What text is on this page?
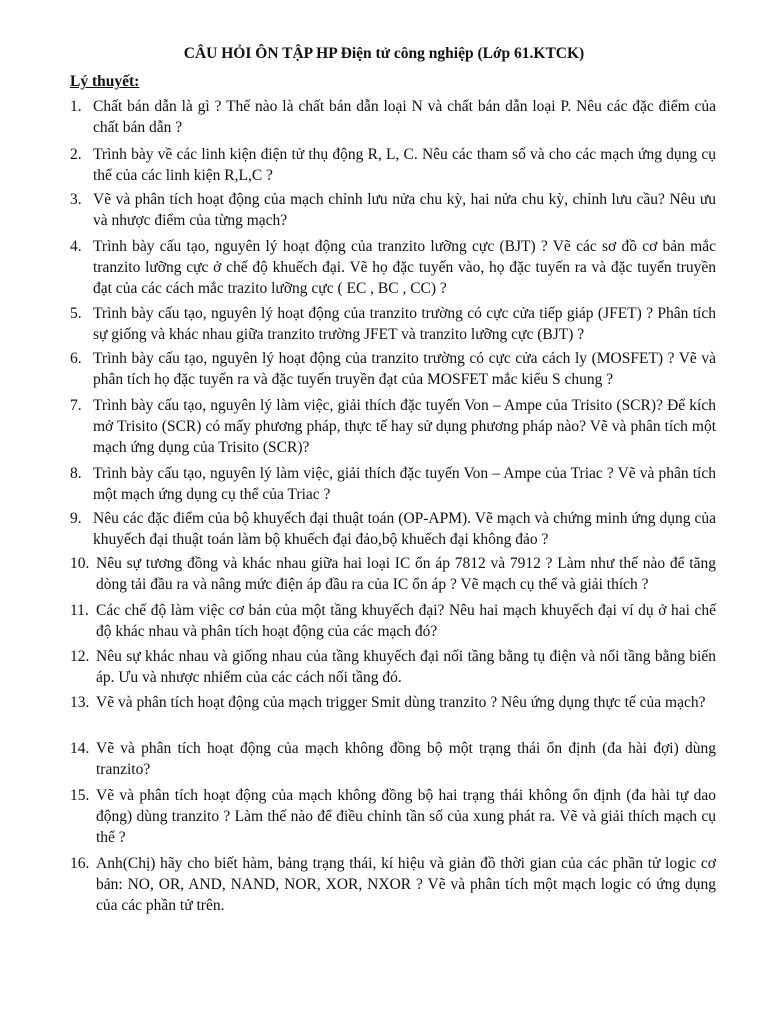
CÂU HỎI ÔN TẬP HP Điện tử công nghiệp (Lớp 61.KTCK)
Lý thuyết:
1. Chất bán dẫn là gì ? Thế nào là chất bán dẫn loại N và chất bán dẫn loại P. Nêu các đặc điểm của chất bán dẫn ?
2. Trình bày về các linh kiện điện tử thụ động R, L, C. Nêu các tham số và cho các mạch ứng dụng cụ thể của các linh kiện R,L,C ?
3. Vẽ và phân tích hoạt động của mạch chỉnh lưu nửa chu kỳ, hai nửa chu kỳ, chỉnh lưu cầu? Nêu ưu và nhược điểm của từng mạch?
4. Trình bày cấu tạo, nguyên lý hoạt động của tranzito lưỡng cực (BJT) ? Vẽ các sơ đồ cơ bản mắc tranzito lưỡng cực ở chế độ khuếch đại. Vẽ họ đặc tuyến vào, họ đặc tuyến ra và đặc tuyến truyền đạt của các cách mắc trazito lưỡng cực ( EC , BC , CC) ?
5. Trình bày cấu tạo, nguyên lý hoạt động của tranzito trường có cực cửa tiếp giáp (JFET) ? Phân tích sự giống và khác nhau giữa tranzito trường JFET và tranzito lưỡng cực (BJT) ?
6. Trình bày cấu tạo, nguyên lý hoạt động của tranzito trường có cực cửa cách ly (MOSFET) ? Vẽ và phân tích họ đặc tuyến ra và đặc tuyến truyền đạt của MOSFET mắc kiểu S chung ?
7. Trình bày cấu tạo, nguyên lý làm việc, giải thích đặc tuyến Von – Ampe của Trisito (SCR)? Để kích mở Trisito (SCR) có mấy phương pháp, thực tế hay sử dụng phương pháp nào? Vẽ và phân tích một mạch ứng dụng của Trisito (SCR)?
8. Trình bày cấu tạo, nguyên lý làm việc, giải thích đặc tuyến Von – Ampe của Triac ? Vẽ và phân tích một mạch ứng dụng cụ thể của Triac ?
9. Nêu các đặc điểm của bộ khuyếch đại thuật toán (OP-APM). Vẽ mạch và chứng minh ứng dụng của khuyếch đại thuật toán làm bộ khuếch đại đảo,bộ khuếch đại không đảo ?
10. Nêu sự tương đồng và khác nhau giữa hai loại IC ổn áp 7812 và 7912 ? Làm như thế nào để tăng dòng tải đầu ra và nâng mức điện áp đầu ra của IC ổn áp ? Vẽ mạch cụ thể và giải thích ?
11. Các chế độ làm việc cơ bản của một tầng khuyếch đại? Nêu hai mạch khuyếch đại ví dụ ở hai chế độ khác nhau và phân tích hoạt động của các mạch đó?
12. Nêu sự khác nhau và giống nhau của tầng khuyếch đại nối tầng bằng tụ điện và nối tầng bằng biến áp. Ưu và nhược nhiểm của các cách nối tầng đó.
13. Vẽ và phân tích hoạt động của mạch trigger Smit dùng tranzito ? Nêu ứng dụng thực tế của mạch?
14. Vẽ và phân tích hoạt động của mạch không đồng bộ một trạng thái ổn định (đa hài đợi) dùng tranzito?
15. Vẽ và phân tích hoạt động của mạch không đồng bộ hai trạng thái không ổn định (đa hài tự dao động) dùng tranzito ? Làm thế nào để điều chỉnh tần số của xung phát ra. Vẽ và giải thích mạch cụ thể ?
16. Anh(Chị) hãy cho biết hàm, bảng trạng thái, kí hiệu và giản đồ thời gian của các phần tử logic cơ bản: NO, OR, AND, NAND, NOR, XOR, NXOR ? Vẽ và phân tích một mạch logic có ứng dụng của các phần tử trên.
